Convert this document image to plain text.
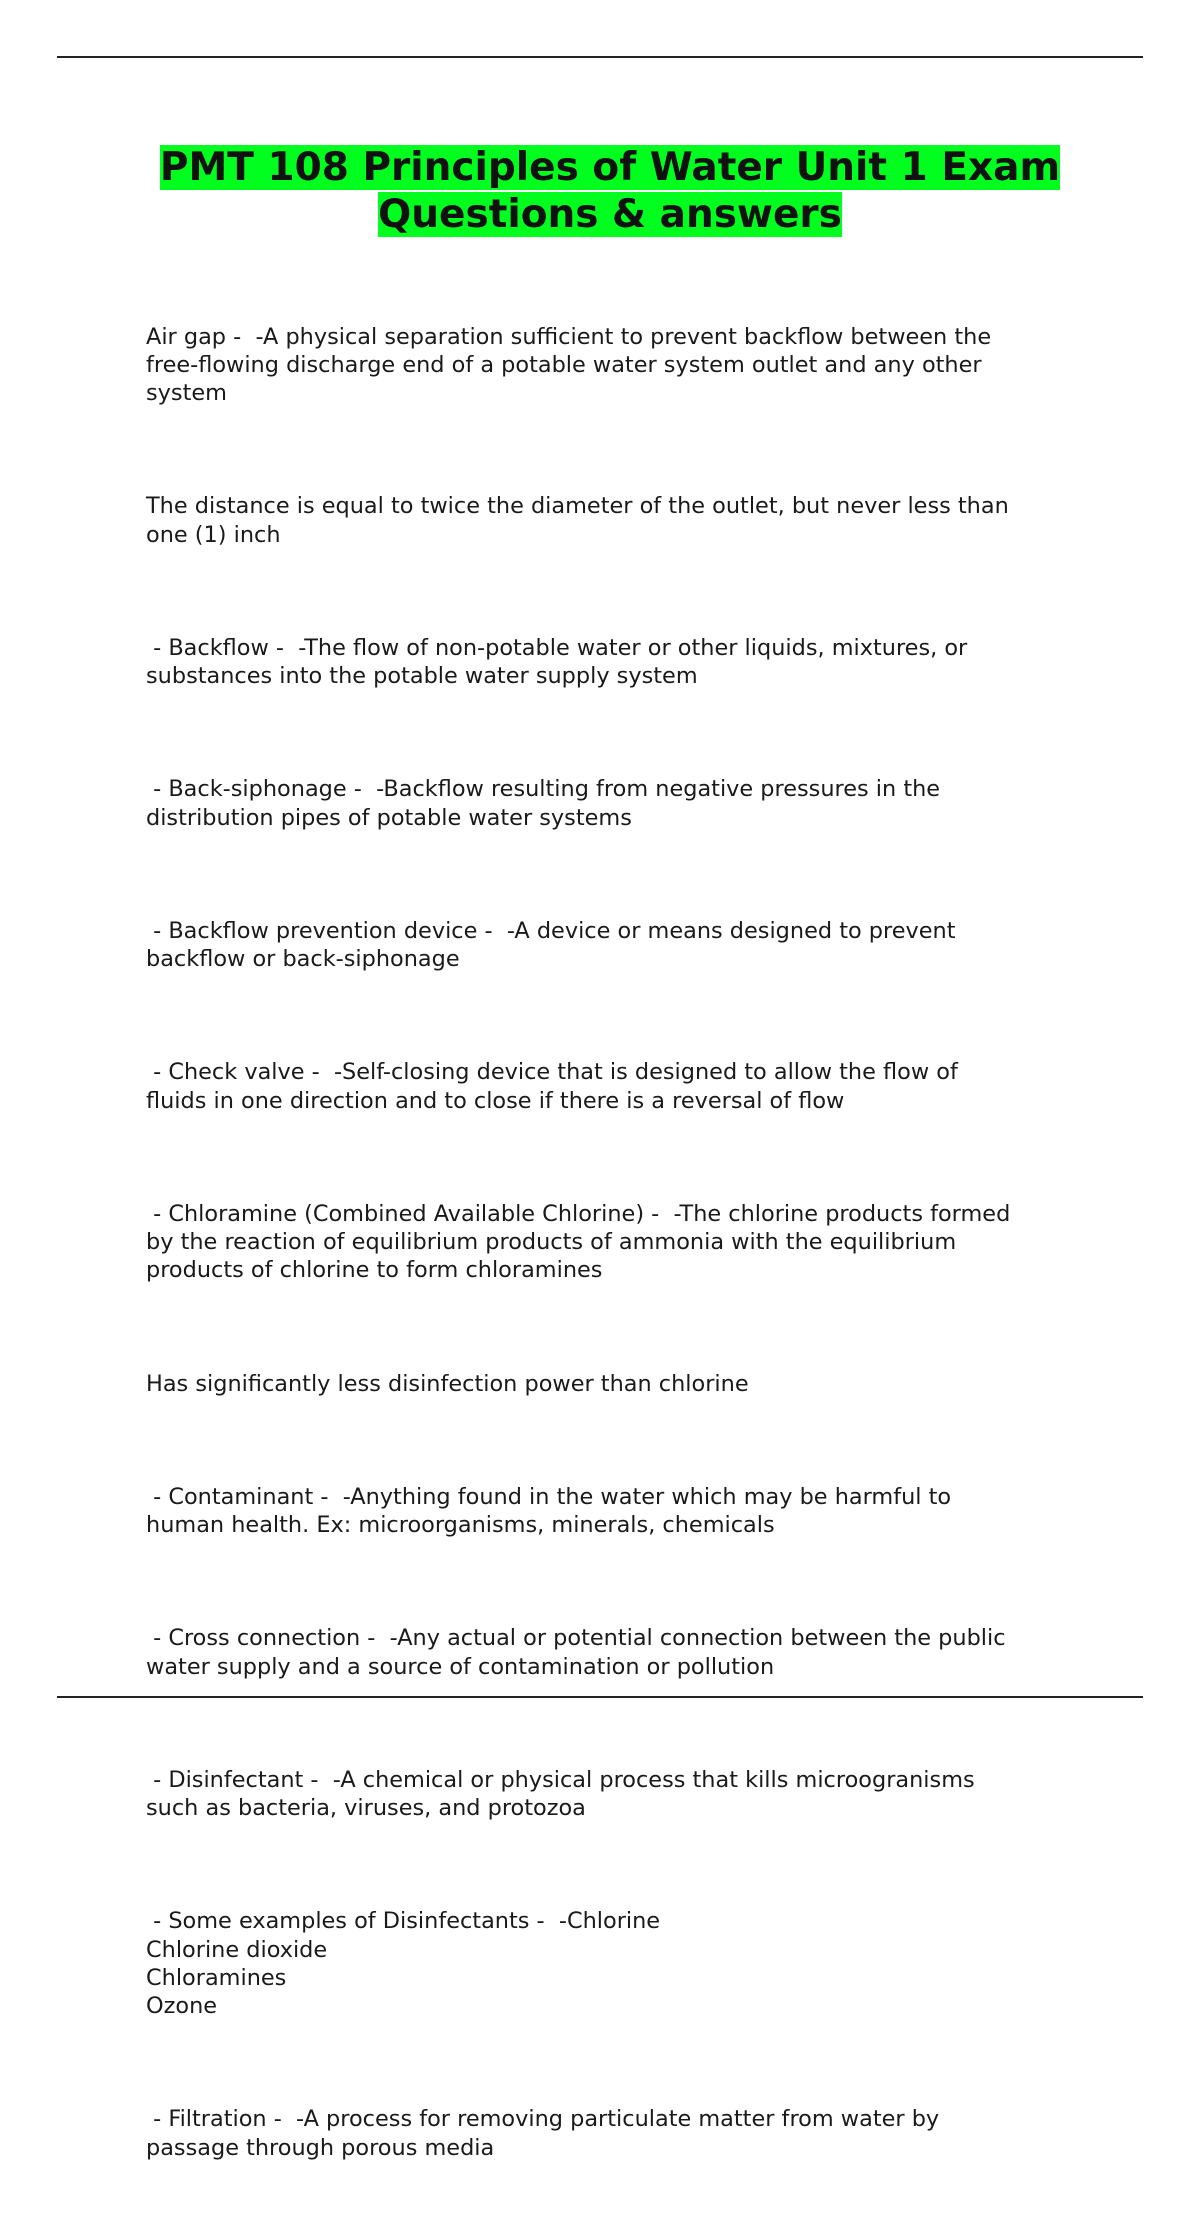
PMT 108 Principles of Water Unit 1 Exam Questions & answers

Air gap -  -A physical separation sufficient to prevent backflow between the
free-flowing discharge end of a potable water system outlet and any other
system

The distance is equal to twice the diameter of the outlet, but never less than
one (1) inch

- Backflow -  -The flow of non-potable water or other liquids, mixtures, or
substances into the potable water supply system

- Back-siphonage -  -Backflow resulting from negative pressures in the
distribution pipes of potable water systems

- Backflow prevention device -  -A device or means designed to prevent
backflow or back-siphonage

- Check valve -  -Self-closing device that is designed to allow the flow of
fluids in one direction and to close if there is a reversal of flow

- Chloramine (Combined Available Chlorine) -  -The chlorine products formed
by the reaction of equilibrium products of ammonia with the equilibrium
products of chlorine to form chloramines

Has significantly less disinfection power than chlorine

- Contaminant -  -Anything found in the water which may be harmful to
human health. Ex: microorganisms, minerals, chemicals

- Cross connection -  -Any actual or potential connection between the public
water supply and a source of contamination or pollution

- Disinfectant -  -A chemical or physical process that kills microogranisms
such as bacteria, viruses, and protozoa

- Some examples of Disinfectants -  -Chlorine
Chlorine dioxide
Chloramines
Ozone

- Filtration -  -A process for removing particulate matter from water by
passage through porous media
